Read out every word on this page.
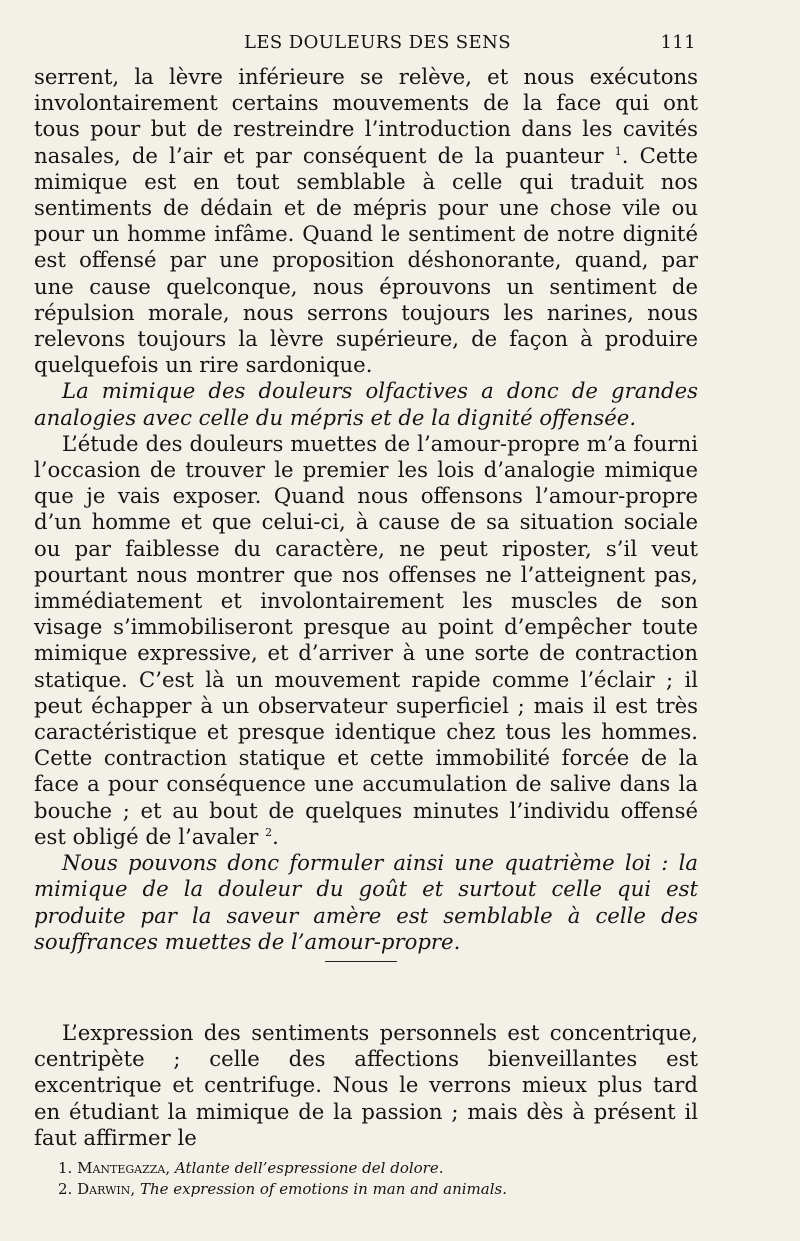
LES DOULEURS DES SENS	111

serrent, la lèvre inférieure se relève, et nous exécutons involontairement certains mouvements de la face qui ont tous pour but de restreindre l’introduction dans les cavités nasales, de l’air et par conséquent de la puanteur $^1$. Cette mimique est en tout semblable à celle qui traduit nos sentiments de dédain et de mépris pour une chose vile ou pour un homme infâme. Quand le sentiment de notre dignité est offensé par une proposition déshonorante, quand, par une cause quelconque, nous éprouvons un sentiment de répulsion morale, nous serrons toujours les narines, nous relevons toujours la lèvre supérieure, de façon à produire quelquefois un rire sardonique.

La mimique des douleurs olfactives a donc de grandes analogies avec celle du mépris et de la dignité offensée.

L’étude des douleurs muettes de l’amour-propre m’a fourni l’occasion de trouver le premier les lois d’analogie mimique que je vais exposer. Quand nous offensons l’amour-propre d’un homme et que celui-ci, à cause de sa situation sociale ou par faiblesse du caractère, ne peut riposter, s’il veut pourtant nous montrer que nos offenses ne l’atteignent pas, immédiatement et involontairement les muscles de son visage s’immobiliseront presque au point d’empêcher toute mimique expressive, et d’arriver à une sorte de contraction statique. C’est là un mouvement rapide comme l’éclair ; il peut échapper à un observateur superficiel ; mais il est très caractéristique et presque identique chez tous les hommes. Cette contraction statique et cette immobilité forcée de la face a pour conséquence une accumulation de salive dans la bouche ; et au bout de quelques minutes l’individu offensé est obligé de l’avaler $^2$.

Nous pouvons donc formuler ainsi une quatrième loi : la mimique de la douleur du goût et surtout celle qui est produite par la saveur amère est semblable à celle des souffrances muettes de l’amour-propre.

L’expression des sentiments personnels est concentrique, centripète ; celle des affections bienveillantes est excentrique et centrifuge. Nous le verrons mieux plus tard en étudiant la mimique de la passion ; mais dès à présent il faut affirmer le

1. Mantegazza, Atlante dell’espressione del dolore.
2. Darwin, The expression of emotions in man and animals.
